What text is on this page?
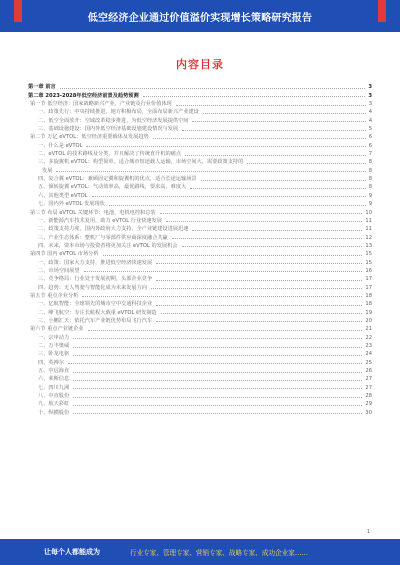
低空经济企业通过价值溢价实现增长策略研究报告
内容目录
第一章 前言	3
第二章 2023-2028年低空经济前景及趋势预测	3
第一节 低空经济：国家战略新兴产业，产业链及行业价值体现	3
一、政策先行：中央持续推进、地方积极布局，全面布局新兴产业建设	4
二、低空全面放开：空域改革稳步推进，为低空经济发展提供空间	4
三、基础设施建设：国内外低空经济基础设施建设情况与发展	5
第二节 万亿 eVTOL：低空经济重要载体及发展趋势	6
一、什么是 eVTOL	6
二、eVTOL 的技术路线及分类，并且解决了传统直升机的痛点	7
三、多旋翼机 eVTOL：构型简单，适合城市短途载人运输，市场空间大，需要政策支持的	8
发展	8
四、复合翼 eVTOL：兼顾固定翼和旋翼机的优点，适合长途运输场景	8
五、倾转旋翼 eVTOL：气动效率高，最优路线，要求高，难度大	8
六、其他类型 eVTOL	9
七、国内外 eVTOL 发展现状	9
第三节 布局 eVTOL 关键环节：电池、电机电控和总装	10
一、新能源汽车技术复用，助力 eVTOL 行业快速发展	11
二、政策支持力度，国内外政府大力支持，全产业链建设进展迅速	11
三、产业生态体系：整机厂与零部件供应商深度融合共赢	12
四、未来，资本市场与投资者将更加关注 eVTOL 的发展机会	13
第四节 国内 eVTOL 市场分析	15
一、政策：国家大力支持，推进低空经济快速发展	15
二、市场空间展望	16
三、竞争格局：行业处于发展初期，头部企业竞争	17
四、趋势：无人驾驶与智能化成为未来发展方向	17
第五节 重点企业分析	18
一、亿航智能：全球领先的城市空中交通科技企业	18
二、峰飞航空：专注长航程大载重 eVTOL 研发制造	19
三、小鹏汇天：依托汽车产业链优势布局飞行汽车	20
第六节 重点产业链企业	21
一、宗申动力	22
二、万丰奥威	23
三、卧龙电驱	24
四、英搏尔	25
五、中信海直	26
六、莱斯信息	27
七、四川九洲	27
八、中直股份	28
九、航天彩虹	29
十、纵横股份	30
1
让每个人都能成为	行业专家、管理专家、营销专家、战略专家、成功企业家……
